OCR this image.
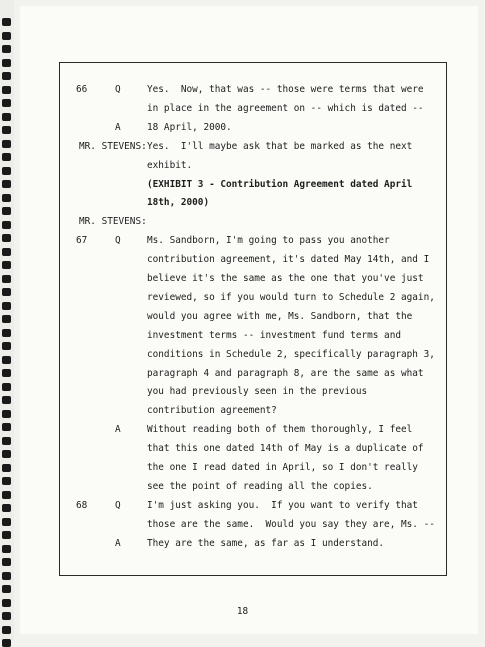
66	Q	Yes.  Now, that was -- those were terms that were
in place in the agreement on -- which is dated --
A	18 April, 2000.
MR. STEVENS: Yes.  I'll maybe ask that be marked as the next
exhibit.
(EXHIBIT 3 - Contribution Agreement dated April
18th, 2000)
MR. STEVENS:
67	Q	Ms. Sandborn, I'm going to pass you another
contribution agreement, it's dated May 14th, and I
believe it's the same as the one that you've just
reviewed, so if you would turn to Schedule 2 again,
would you agree with me, Ms. Sandborn, that the
investment terms -- investment fund terms and
conditions in Schedule 2, specifically paragraph 3,
paragraph 4 and paragraph 8, are the same as what
you had previously seen in the previous
contribution agreement?
A	Without reading both of them thoroughly, I feel
that this one dated 14th of May is a duplicate of
the one I read dated in April, so I don't really
see the point of reading all the copies.
68	Q	I'm just asking you.  If you want to verify that
those are the same.  Would you say they are, Ms. --
A	They are the same, as far as I understand.
18
